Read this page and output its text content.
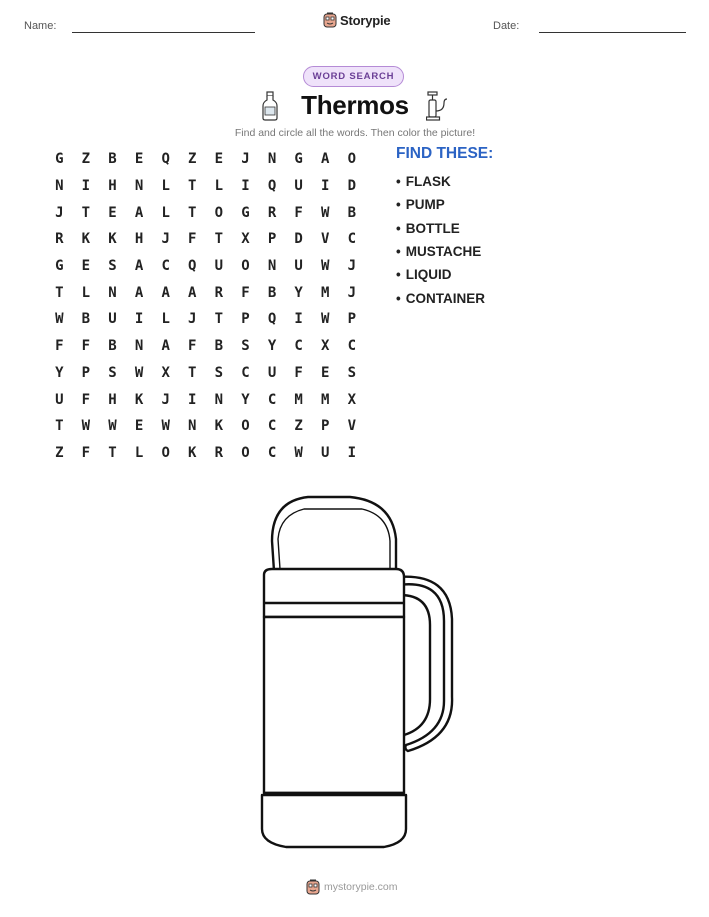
Name:	Storypie	Date:
WORD SEARCH
Thermos
Find and circle all the words. Then color the picture!
G	Z	B	E	Q	Z	E	J	N	G	A	O
N	I	H	N	L	T	L	I	Q	U	I	D
J	T	E	A	L	T	O	G	R	F	W	B
R	K	K	H	J	F	T	X	P	D	V	C
G	E	S	A	C	Q	U	O	N	U	W	J
T	L	N	A	A	A	R	F	B	Y	M	J
W	B	U	I	L	J	T	P	Q	I	W	P
F	F	B	N	A	F	B	S	Y	C	X	C
Y	P	S	W	X	T	S	C	U	F	E	S
U	F	H	K	J	I	N	Y	C	M	M	X
T	W	W	E	W	N	K	O	C	Z	P	V
Z	F	T	L	O	K	R	O	C	W	U	I
FIND THESE:
• FLASK
• PUMP
• BOTTLE
• MUSTACHE
• LIQUID
• CONTAINER
mystorypie.com
